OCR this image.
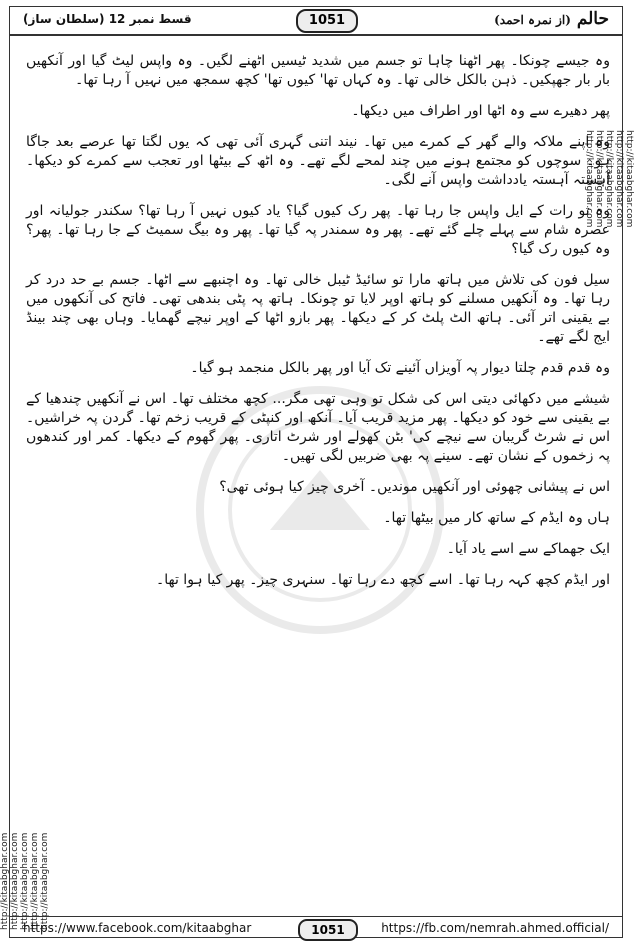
حالم (از نمرہ احمد)
1051
قسط نمبر 12 (سلطان ساز)
http://kitaabghar.com http://kitaabghar.com http://kitaabghar.com http://kitaabghar.com http://kitaabghar.com
http://kitaabghar.com
http://kitaabghar.com
http://kitaabghar.com
http://kitaabghar.com
http://kitaabghar.com

وہ جیسے چونکا۔ پھر اٹھنا چاہا تو جسم میں شدید ٹیسیں اٹھنے لگیں۔ وہ واپس لیٹ گیا اور آنکھیں بار بار جھپکیں۔ ذہن بالکل خالی تھا۔ وہ کہاں تھا' کیوں تھا' کچھ سمجھ میں نہیں آ رہا تھا۔

پھر دھیرے سے وہ اٹھا اور اطراف میں دیکھا۔

وہ اپنے ملاکہ والے گھر کے کمرے میں تھا۔ نیند اتنی گہری آئی تھی کہ یوں لگتا تھا عرصے بعد جاگا ہو۔ سوچوں کو مجتمع ہونے میں چند لمحے لگے تھے۔ وہ اٹھ کے بیٹھا اور تعجب سے کمرے کو دیکھا۔ آہستہ آہستہ یادداشت واپس آنے لگی۔

وہ تو رات کے ایل واپس جا رہا تھا۔ پھر رک کیوں گیا؟ یاد کیوں نہیں آ رہا تھا؟ سکندر جولیانہ اور عصرہ شام سے پہلے چلے گئے تھے۔ پھر وہ سمندر پہ گیا تھا۔ پھر وہ بیگ سمیٹ کے جا رہا تھا۔ پھر؟ وہ کیوں رک گیا؟

سیل فون کی تلاش میں ہاتھ مارا تو سائیڈ ٹیبل خالی تھا۔ وہ اچنبھے سے اٹھا۔ جسم بے حد درد کر رہا تھا۔ وہ آنکھیں مسلنے کو ہاتھ اوپر لایا تو چونکا۔ ہاتھ پہ پٹی بندھی تھی۔ فاتح کی آنکھوں میں بے یقینی اتر آئی۔ ہاتھ الٹ پلٹ کر کے دیکھا۔ پھر بازو اٹھا کے اوپر نیچے گھمایا۔ وہاں بھی چند بینڈ ایج لگے تھے۔

وہ قدم قدم چلتا دیوار پہ آویزاں آئینے تک آیا اور پھر بالکل منجمد ہو گیا۔

شیشے میں دکھائی دیتی اس کی شکل تو وہی تھی مگر... کچھ مختلف تھا۔ اس نے آنکھیں چندھیا کے بے یقینی سے خود کو دیکھا۔ پھر مزید قریب آیا۔ آنکھ اور کنپٹی کے قریب زخم تھا۔ گردن پہ خراشیں۔ اس نے شرٹ گریبان سے نیچے کی' بٹن کھولے اور شرٹ اتاری۔ پھر گھوم کے دیکھا۔ کمر اور کندھوں پہ زخموں کے نشان تھے۔ سینے پہ بھی ضربیں لگی تھیں۔

اس نے پیشانی چھوئی اور آنکھیں موندیں۔ آخری چیز کیا ہوئی تھی؟

ہاں وہ ایڈم کے ساتھ کار میں بیٹھا تھا۔

ایک جھماکے سے اسے یاد آیا۔

اور ایڈم کچھ کہہ رہا تھا۔ اسے کچھ دے رہا تھا۔ سنہری چیز۔ پھر کیا ہوا تھا۔

https://www.facebook.com/kitaabghar	1051	https://fb.com/nemrah.ahmed.official/
